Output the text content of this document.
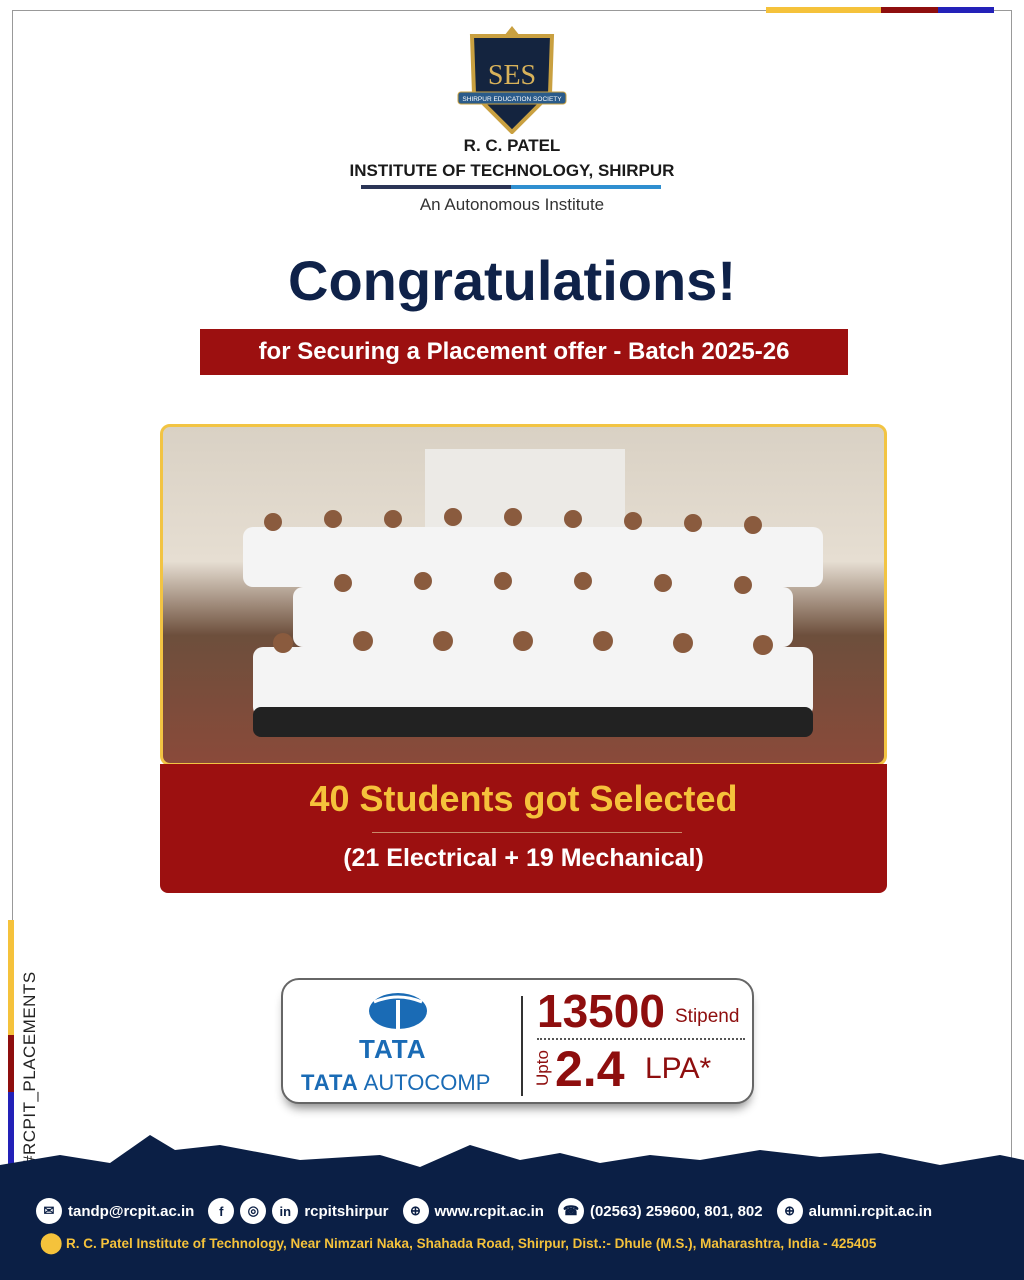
#RCPIT_PLACEMENTS
SES
SHIRPUR EDUCATION SOCIETY
R. C. PATEL
INSTITUTE OF TECHNOLOGY, SHIRPUR
An Autonomous Institute
Congratulations!
for Securing a Placement offer - Batch 2025-26
40 Students got Selected
(21 Electrical + 19 Mechanical)
TATA
TATA AUTOCOMP
13500 Stipend
Upto 2.4 LPA*
✉ tandp@rcpit.ac.in	f	◎	in rcpitshirpur	⊕ www.rcpit.ac.in	☎ (02563) 259600, 801, 802	⊕ alumni.rcpit.ac.in
⬤ R. C. Patel Institute of Technology, Near Nimzari Naka, Shahada Road, Shirpur, Dist.:- Dhule (M.S.), Maharashtra, India - 425405
